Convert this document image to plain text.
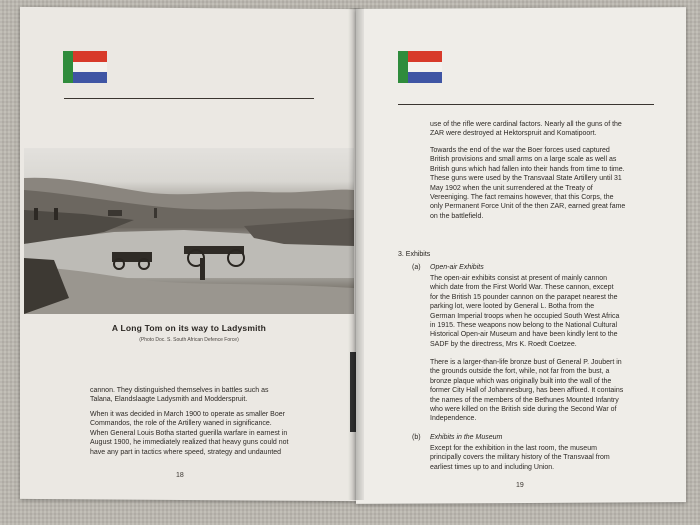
A Long Tom on its way to Ladysmith
(Photo Doc. S. South African Defence Force)

cannon. They distinguished themselves in battles such as

Talana, Elandslaagte Ladysmith and Modderspruit.

When it was decided in March 1900 to operate as smaller Boer

Commandos, the role of the Artillery waned in significance.

When General Louis Botha started guerilla warfare in earnest in

August 1900, he immediately realized that heavy guns could not

have any part in tactics where speed, strategy and undaunted

18

use of the rifle were cardinal factors. Nearly all the guns of the

ZAR were destroyed at Hektorspruit and Komatipoort.

Towards the end of the war the Boer forces used captured

British provisions and small arms on a large scale as well as

British guns which had fallen into their hands from time to time.

These guns were used by the Transvaal State Artillery until 31

May 1902 when the unit surrendered at the Treaty of

Vereeniging. The fact remains however, that this Corps, the

only Permanent Force Unit of the then ZAR, earned great fame

on the battlefield.

3. Exhibits
(a) Open-air Exhibits

The open-air exhibits consist at present of mainly cannon

which date from the First World War. These cannon, except

for the British 15 pounder cannon on the parapet nearest the

parking lot, were looted by General L. Botha from the

German Imperial troops when he occupied South West Africa

in 1915. These weapons now belong to the National Cultural

Historical Open-air Museum and have been kindly lent to the

SADF by the directress, Mrs K. Roedt Coetzee.

There is a larger-than-life bronze bust of General P. Joubert in

the grounds outside the fort, while, not far from the bust, a

bronze plaque which was originally built into the wall of the

former City Hall of Johannesburg, has been affixed. It contains

the names of the members of the Bethunes Mounted Infantry

who were killed on the British side during the Second War of

Independence.

(b) Exhibits in the Museum

Except for the exhibition in the last room, the museum

principally covers the military history of the Transvaal from

earliest times up to and including Union.

19
